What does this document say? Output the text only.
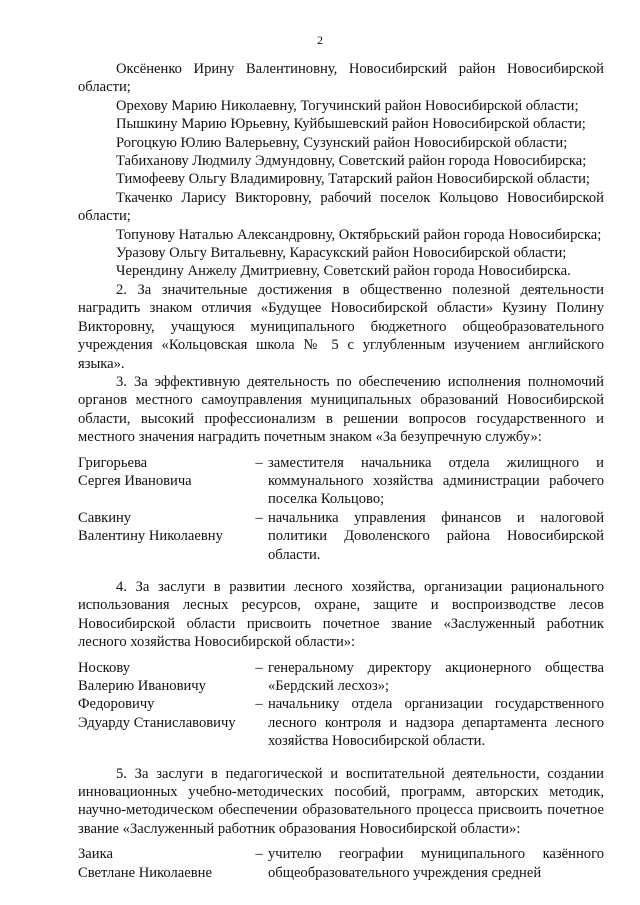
2

Оксёненко Ирину Валентиновну, Новосибирский район Новосибирской области;

Орехову Марию Николаевну, Тогучинский район Новосибирской области;

Пышкину Марию Юрьевну, Куйбышевский район Новосибирской области;

Рогоцкую Юлию Валерьевну, Сузунский район Новосибирской области;

Табиханову Людмилу Эдмундовну, Советский район города Новосибирска;

Тимофееву Ольгу Владимировну, Татарский район Новосибирской области;

Ткаченко Ларису Викторовну, рабочий поселок Кольцово Новосибирской области;

Топунову Наталью Александровну, Октябрьский район города Новосибирска;

Уразову Ольгу Витальевну, Карасукский район Новосибирской области;

Черендину Анжелу Дмитриевну, Советский район города Новосибирска.

2. За значительные достижения в общественно полезной деятельности наградить знаком отличия «Будущее Новосибирской области» Кузину Полину Викторовну, учащуюся муниципального бюджетного общеобразовательного учреждения «Кольцовская школа № 5 с углубленным изучением английского языка».

3. За эффективную деятельность по обеспечению исполнения полномочий органов местного самоуправления муниципальных образований Новосибирской области, высокий профессионализм в решении вопросов государственного и местного значения наградить почетным знаком «За безупречную службу»:

Григорьева
Сергея Ивановича
– заместителя начальника отдела жилищного и коммунального хозяйства администрации рабочего поселка Кольцово;
Савкину
Валентину Николаевну
– начальника управления финансов и налоговой политики Доволенского района Новосибирской области.

4. За заслуги в развитии лесного хозяйства, организации рационального использования лесных ресурсов, охране, защите и воспроизводстве лесов Новосибирской области присвоить почетное звание «Заслуженный работник лесного хозяйства Новосибирской области»:

Носкову
Валерию Ивановичу
– генеральному директору акционерного общества «Бердский лесхоз»;
Федоровичу
Эдуарду Станиславовичу
– начальнику отдела организации государственного лесного контроля и надзора департамента лесного хозяйства Новосибирской области.

5. За заслуги в педагогической и воспитательной деятельности, создании инновационных учебно-методических пособий, программ, авторских методик, научно-методическом обеспечении образовательного процесса присвоить почетное звание «Заслуженный работник образования Новосибирской области»:

Заика
Светлане Николаевне
– учителю географии муниципального казённого общеобразовательного учреждения средней
